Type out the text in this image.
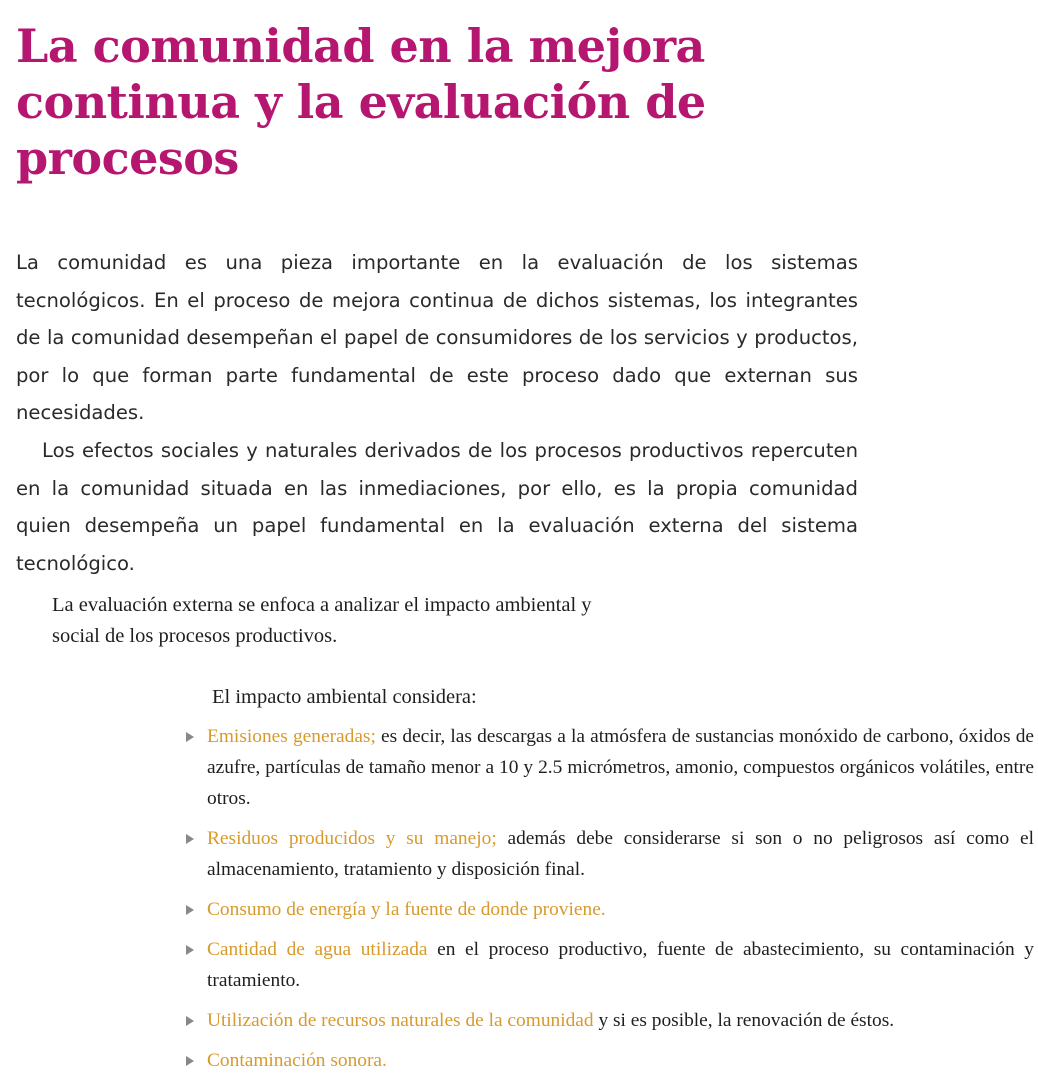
La comunidad en la mejora
continua y la evaluación de
procesos

La comunidad es una pieza importante en la evaluación de los sistemas tecnológicos. En el proceso de mejora continua de dichos sistemas, los integrantes de la comunidad desempeñan el papel de consumidores de los servicios y productos, por lo que forman parte fundamental de este proceso dado que externan sus necesidades.

Los efectos sociales y naturales derivados de los procesos productivos repercuten en la comunidad situada en las inmediaciones, por ello, es la propia comunidad quien desempeña un papel fundamental en la evaluación externa del sistema tecnológico.

La evaluación externa se enfoca a analizar el impacto ambiental y
social de los procesos productivos.
El impacto ambiental considera:
Emisiones generadas; es decir, las descargas a la atmósfera de sustancias monóxido de carbono, óxidos de azufre, partículas de tamaño menor a 10 y 2.5 micrómetros, amonio, compuestos orgánicos volátiles, entre otros.
Residuos producidos y su manejo; además debe considerarse si son o no peligrosos así como el almacenamiento, tratamiento y disposición final.
Consumo de energía y la fuente de donde proviene.
Cantidad de agua utilizada en el proceso productivo, fuente de abastecimiento, su contaminación y tratamiento.
Utilización de recursos naturales de la comunidad y si es posible, la renovación de éstos.
Contaminación sonora.
